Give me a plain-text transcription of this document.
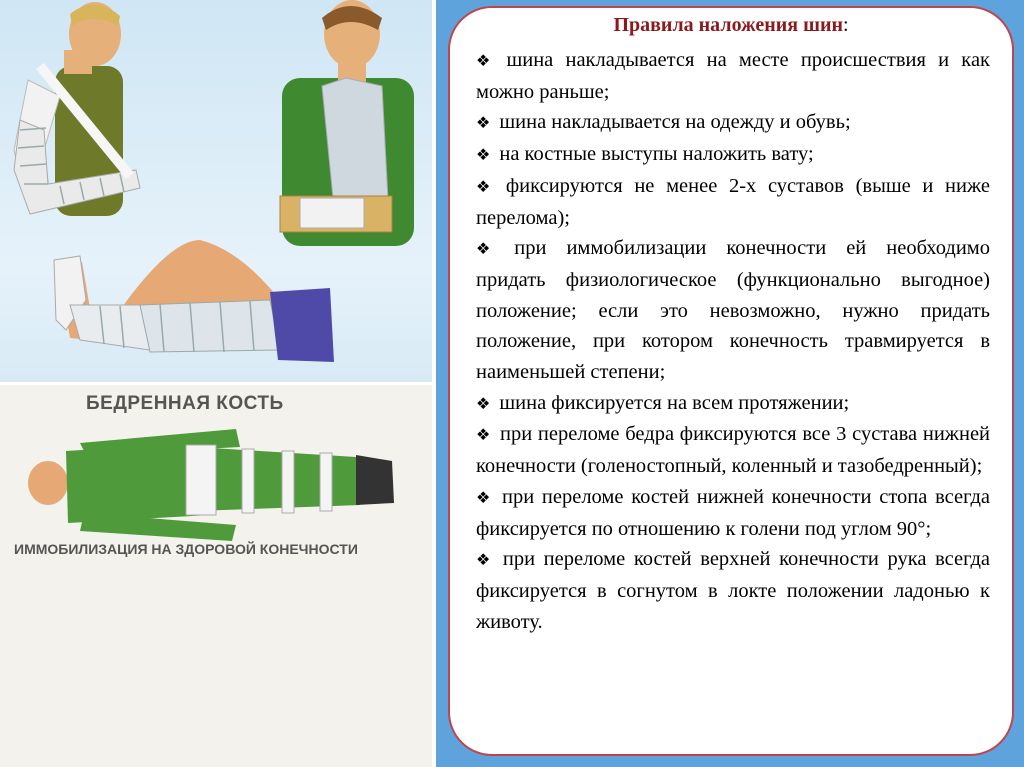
БЕДРЕННАЯ КОСТЬ
ИММОБИЛИЗАЦИЯ НА ЗДОРОВОЙ КОНЕЧНОСТИ
Правила наложения шин:
❖ шина накладывается на месте происшествия и как можно раньше;
❖ шина накладывается на одежду и обувь;
❖ на костные выступы наложить вату;
❖ фиксируются не менее 2-х суставов (выше и ниже перелома);
❖ при иммобилизации конечности ей необходимо придать физиологическое (функционально выгодное) положение; если это невозможно, нужно придать положение, при котором конечность травмируется в наименьшей степени;
❖ шина фиксируется на всем протяжении;
❖ при переломе бедра фиксируются все 3 сустава нижней конечности (голеностопный, коленный и тазобедренный);
❖ при переломе костей нижней конечности стопа всегда фиксируется по отношению к голени под углом 90°;
❖ при переломе костей верхней конечности рука всегда фиксируется в согнутом в локте положении ладонью к животу.
